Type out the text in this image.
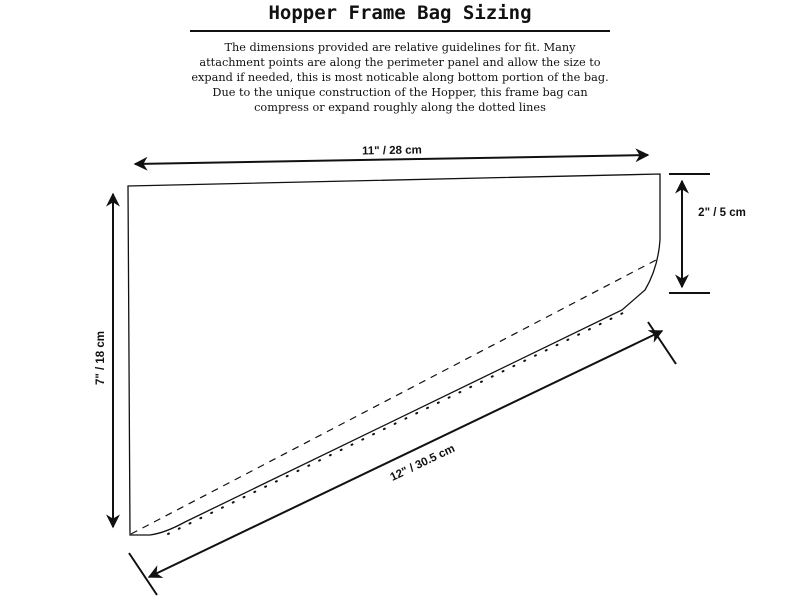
Hopper Frame Bag Sizing
The dimensions provided are relative guidelines for fit. Many
attachment points are along the perimeter panel and allow the size to
expand if needed, this is most noticable along bottom portion of the bag.
Due to the unique construction of the Hopper, this frame bag can
compress or expand roughly along the dotted lines
11" / 28 cm
7" / 18 cm
2" / 5 cm
12" / 30.5 cm
